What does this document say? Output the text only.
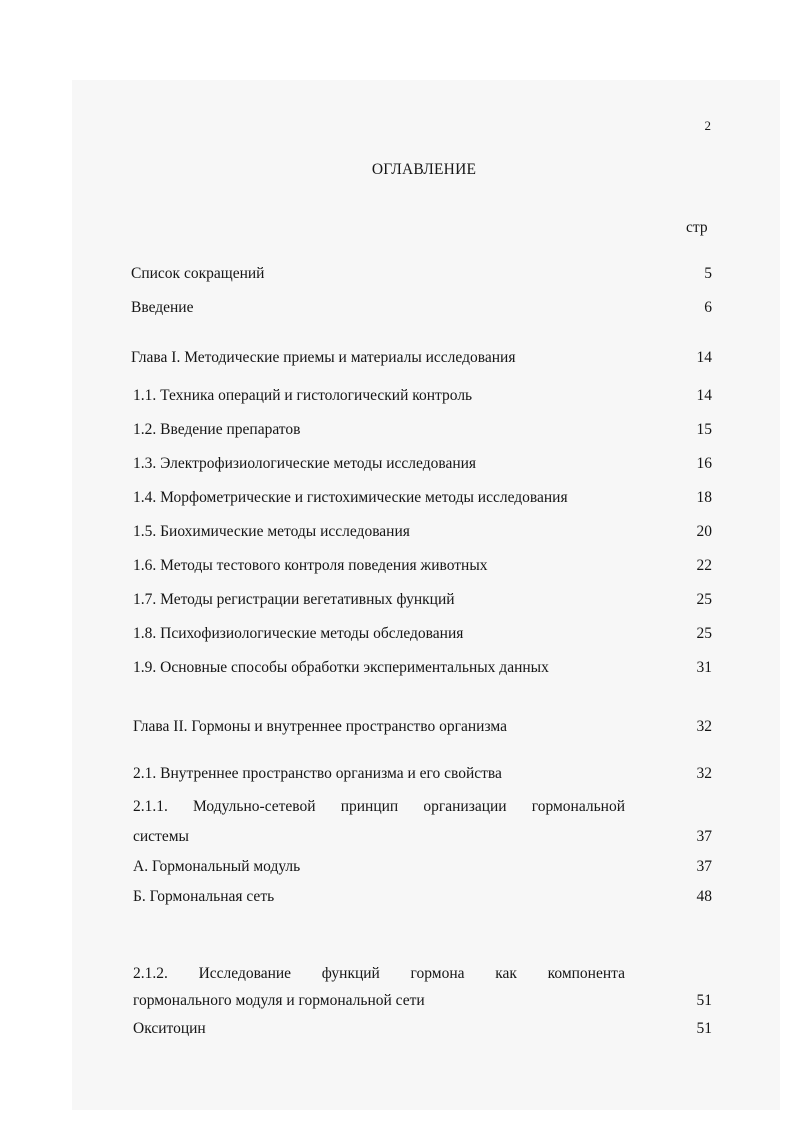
2
ОГЛАВЛЕНИЕ
стр
Список сокращений	5
Введение	6
Глава I. Методические приемы и материалы исследования	14
1.1. Техника операций и гистологический контроль	14
1.2. Введение препаратов	15
1.3. Электрофизиологические методы исследования	16
1.4. Морфометрические и гистохимические методы исследования	18
1.5. Биохимические методы исследования	20
1.6. Методы тестового контроля поведения животных	22
1.7. Методы регистрации вегетативных функций	25
1.8. Психофизиологические методы обследования	25
1.9. Основные способы обработки экспериментальных данных	31
Глава II. Гормоны и внутреннее пространство организма	32
2.1. Внутреннее пространство организма и его свойства	32
2.1.1. Модульно-сетевой принцип организации гормональной
системы	37
А. Гормональный модуль	37
Б. Гормональная сеть	48
2.1.2. Исследование функций гормона как компонента
гормонального модуля и гормональной сети	51
Окситоцин	51
